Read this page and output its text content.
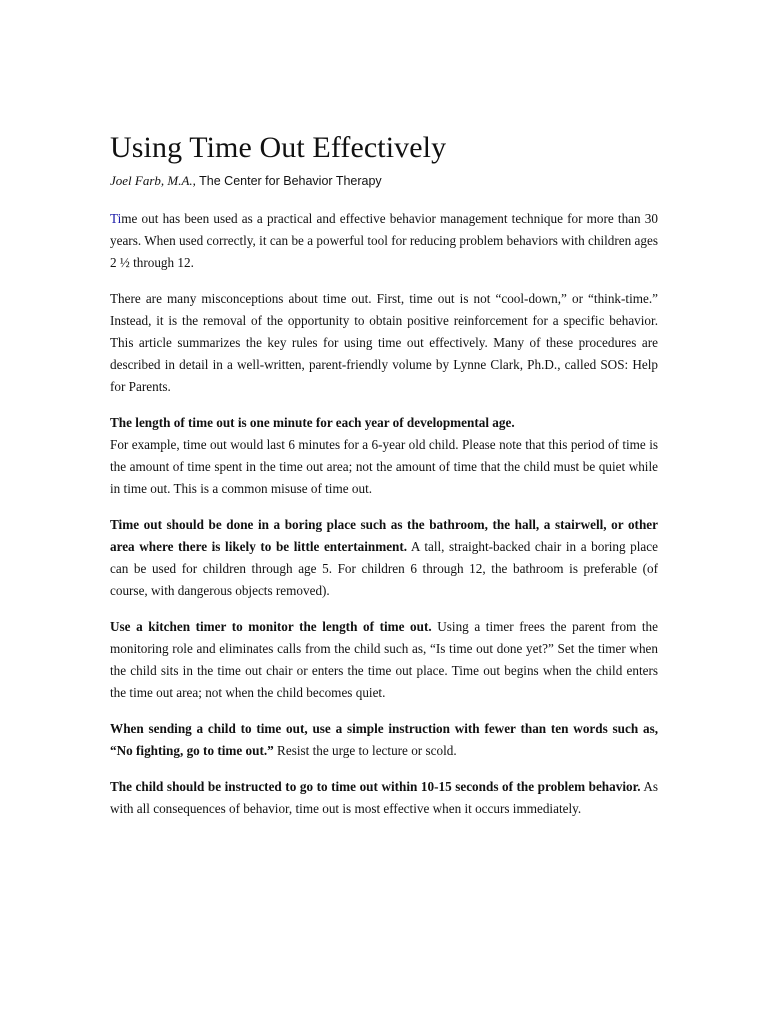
Using Time Out Effectively
Joel Farb, M.A., The Center for Behavior Therapy

Time out has been used as a practical and effective behavior management technique for more than 30 years. When used correctly, it can be a powerful tool for reducing problem behaviors with children ages 2 ½ through 12.

There are many misconceptions about time out. First, time out is not “cool-down,” or “think-time.” Instead, it is the removal of the opportunity to obtain positive reinforcement for a specific behavior. This article summarizes the key rules for using time out effectively. Many of these procedures are described in detail in a well-written, parent-friendly volume by Lynne Clark, Ph.D., called SOS: Help for Parents.

The length of time out is one minute for each year of developmental age.
For example, time out would last 6 minutes for a 6-year old child. Please note that this period of time is the amount of time spent in the time out area; not the amount of time that the child must be quiet while in time out. This is a common misuse of time out.

Time out should be done in a boring place such as the bathroom, the hall, a stairwell, or other area where there is likely to be little entertainment. A tall, straight-backed chair in a boring place can be used for children through age 5. For children 6 through 12, the bathroom is preferable (of course, with dangerous objects removed).

Use a kitchen timer to monitor the length of time out. Using a timer frees the parent from the monitoring role and eliminates calls from the child such as, “Is time out done yet?” Set the timer when the child sits in the time out chair or enters the time out place. Time out begins when the child enters the time out area; not when the child becomes quiet.

When sending a child to time out, use a simple instruction with fewer than ten words such as, “No fighting, go to time out.” Resist the urge to lecture or scold.

The child should be instructed to go to time out within 10-15 seconds of the problem behavior. As with all consequences of behavior, time out is most effective when it occurs immediately.
